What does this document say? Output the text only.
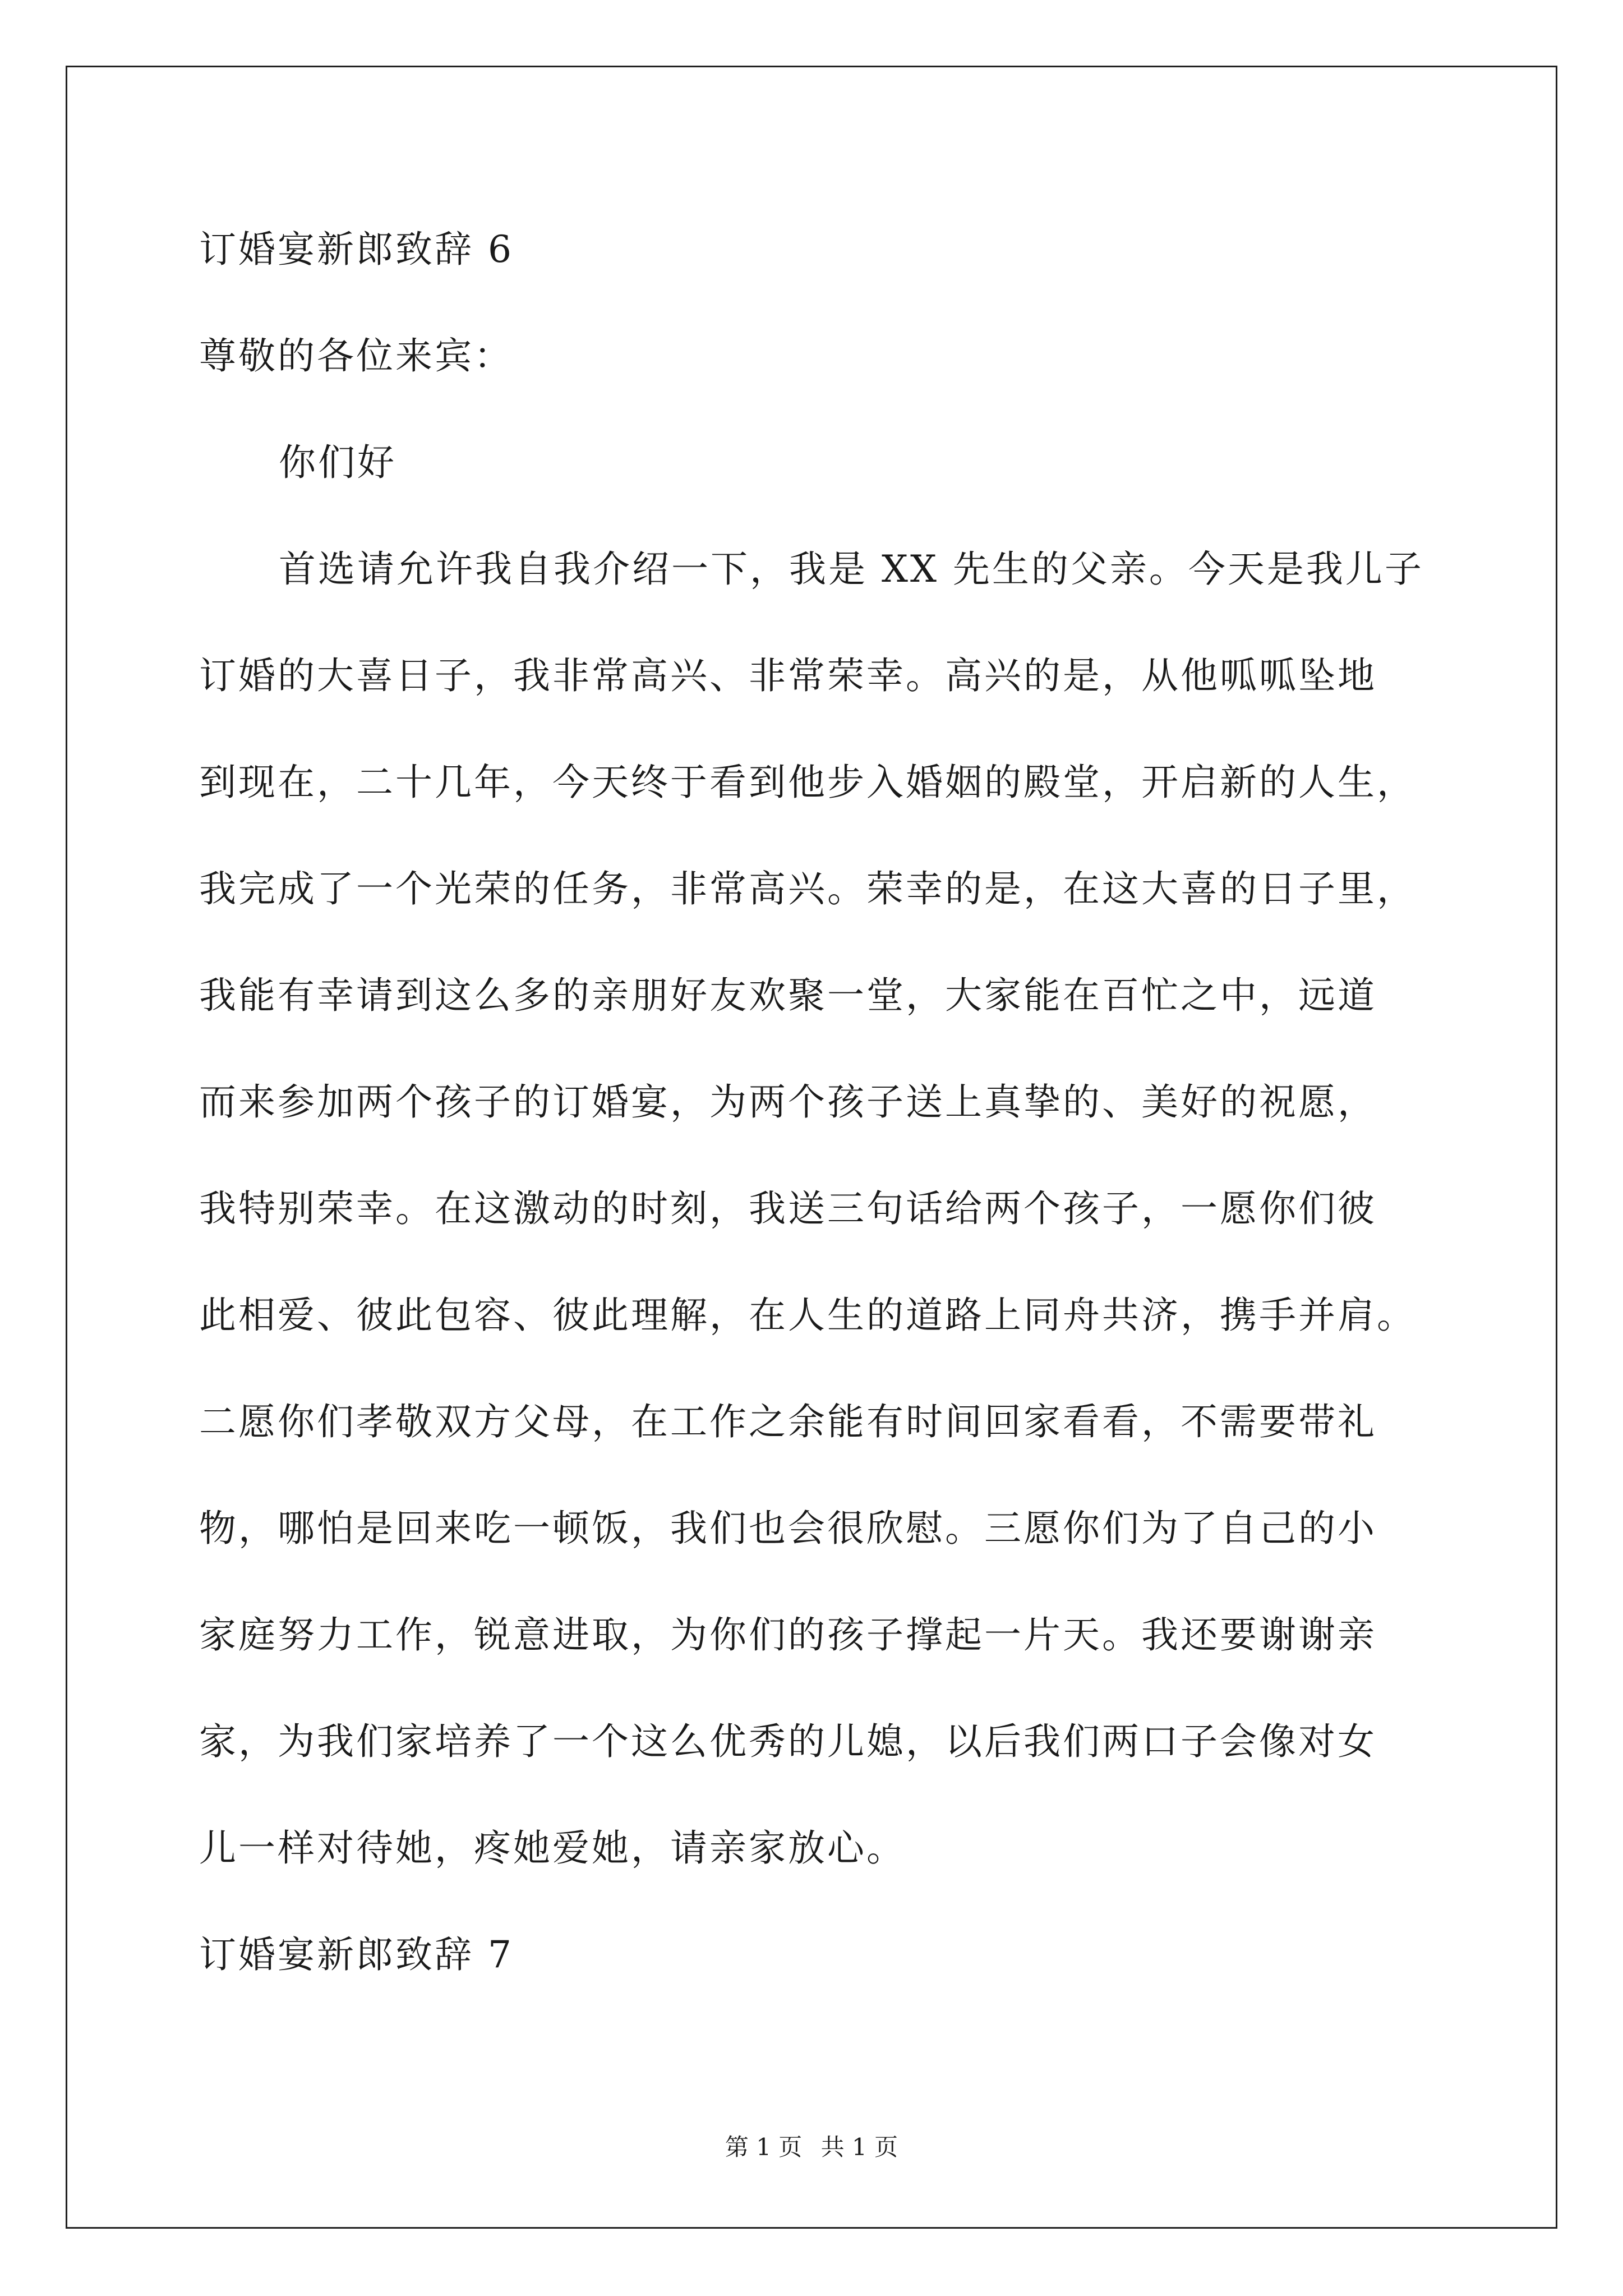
订婚宴新郎致辞 6
尊敬的各位来宾：
你们好
首选请允许我自我介绍一下，我是 XX 先生的父亲。今天是我儿子
订婚的大喜日子，我非常高兴、非常荣幸。高兴的是，从他呱呱坠地
到现在，二十几年，今天终于看到他步入婚姻的殿堂，开启新的人生，
我完成了一个光荣的任务，非常高兴。荣幸的是，在这大喜的日子里，
我能有幸请到这么多的亲朋好友欢聚一堂，大家能在百忙之中，远道
而来参加两个孩子的订婚宴，为两个孩子送上真挚的、美好的祝愿，
我特别荣幸。在这激动的时刻，我送三句话给两个孩子，一愿你们彼
此相爱、彼此包容、彼此理解，在人生的道路上同舟共济，携手并肩。
二愿你们孝敬双方父母，在工作之余能有时间回家看看，不需要带礼
物，哪怕是回来吃一顿饭，我们也会很欣慰。三愿你们为了自己的小
家庭努力工作，锐意进取，为你们的孩子撑起一片天。我还要谢谢亲
家，为我们家培养了一个这么优秀的儿媳，以后我们两口子会像对女
儿一样对待她，疼她爱她，请亲家放心。
订婚宴新郎致辞 7
第 1 页 共 1 页
